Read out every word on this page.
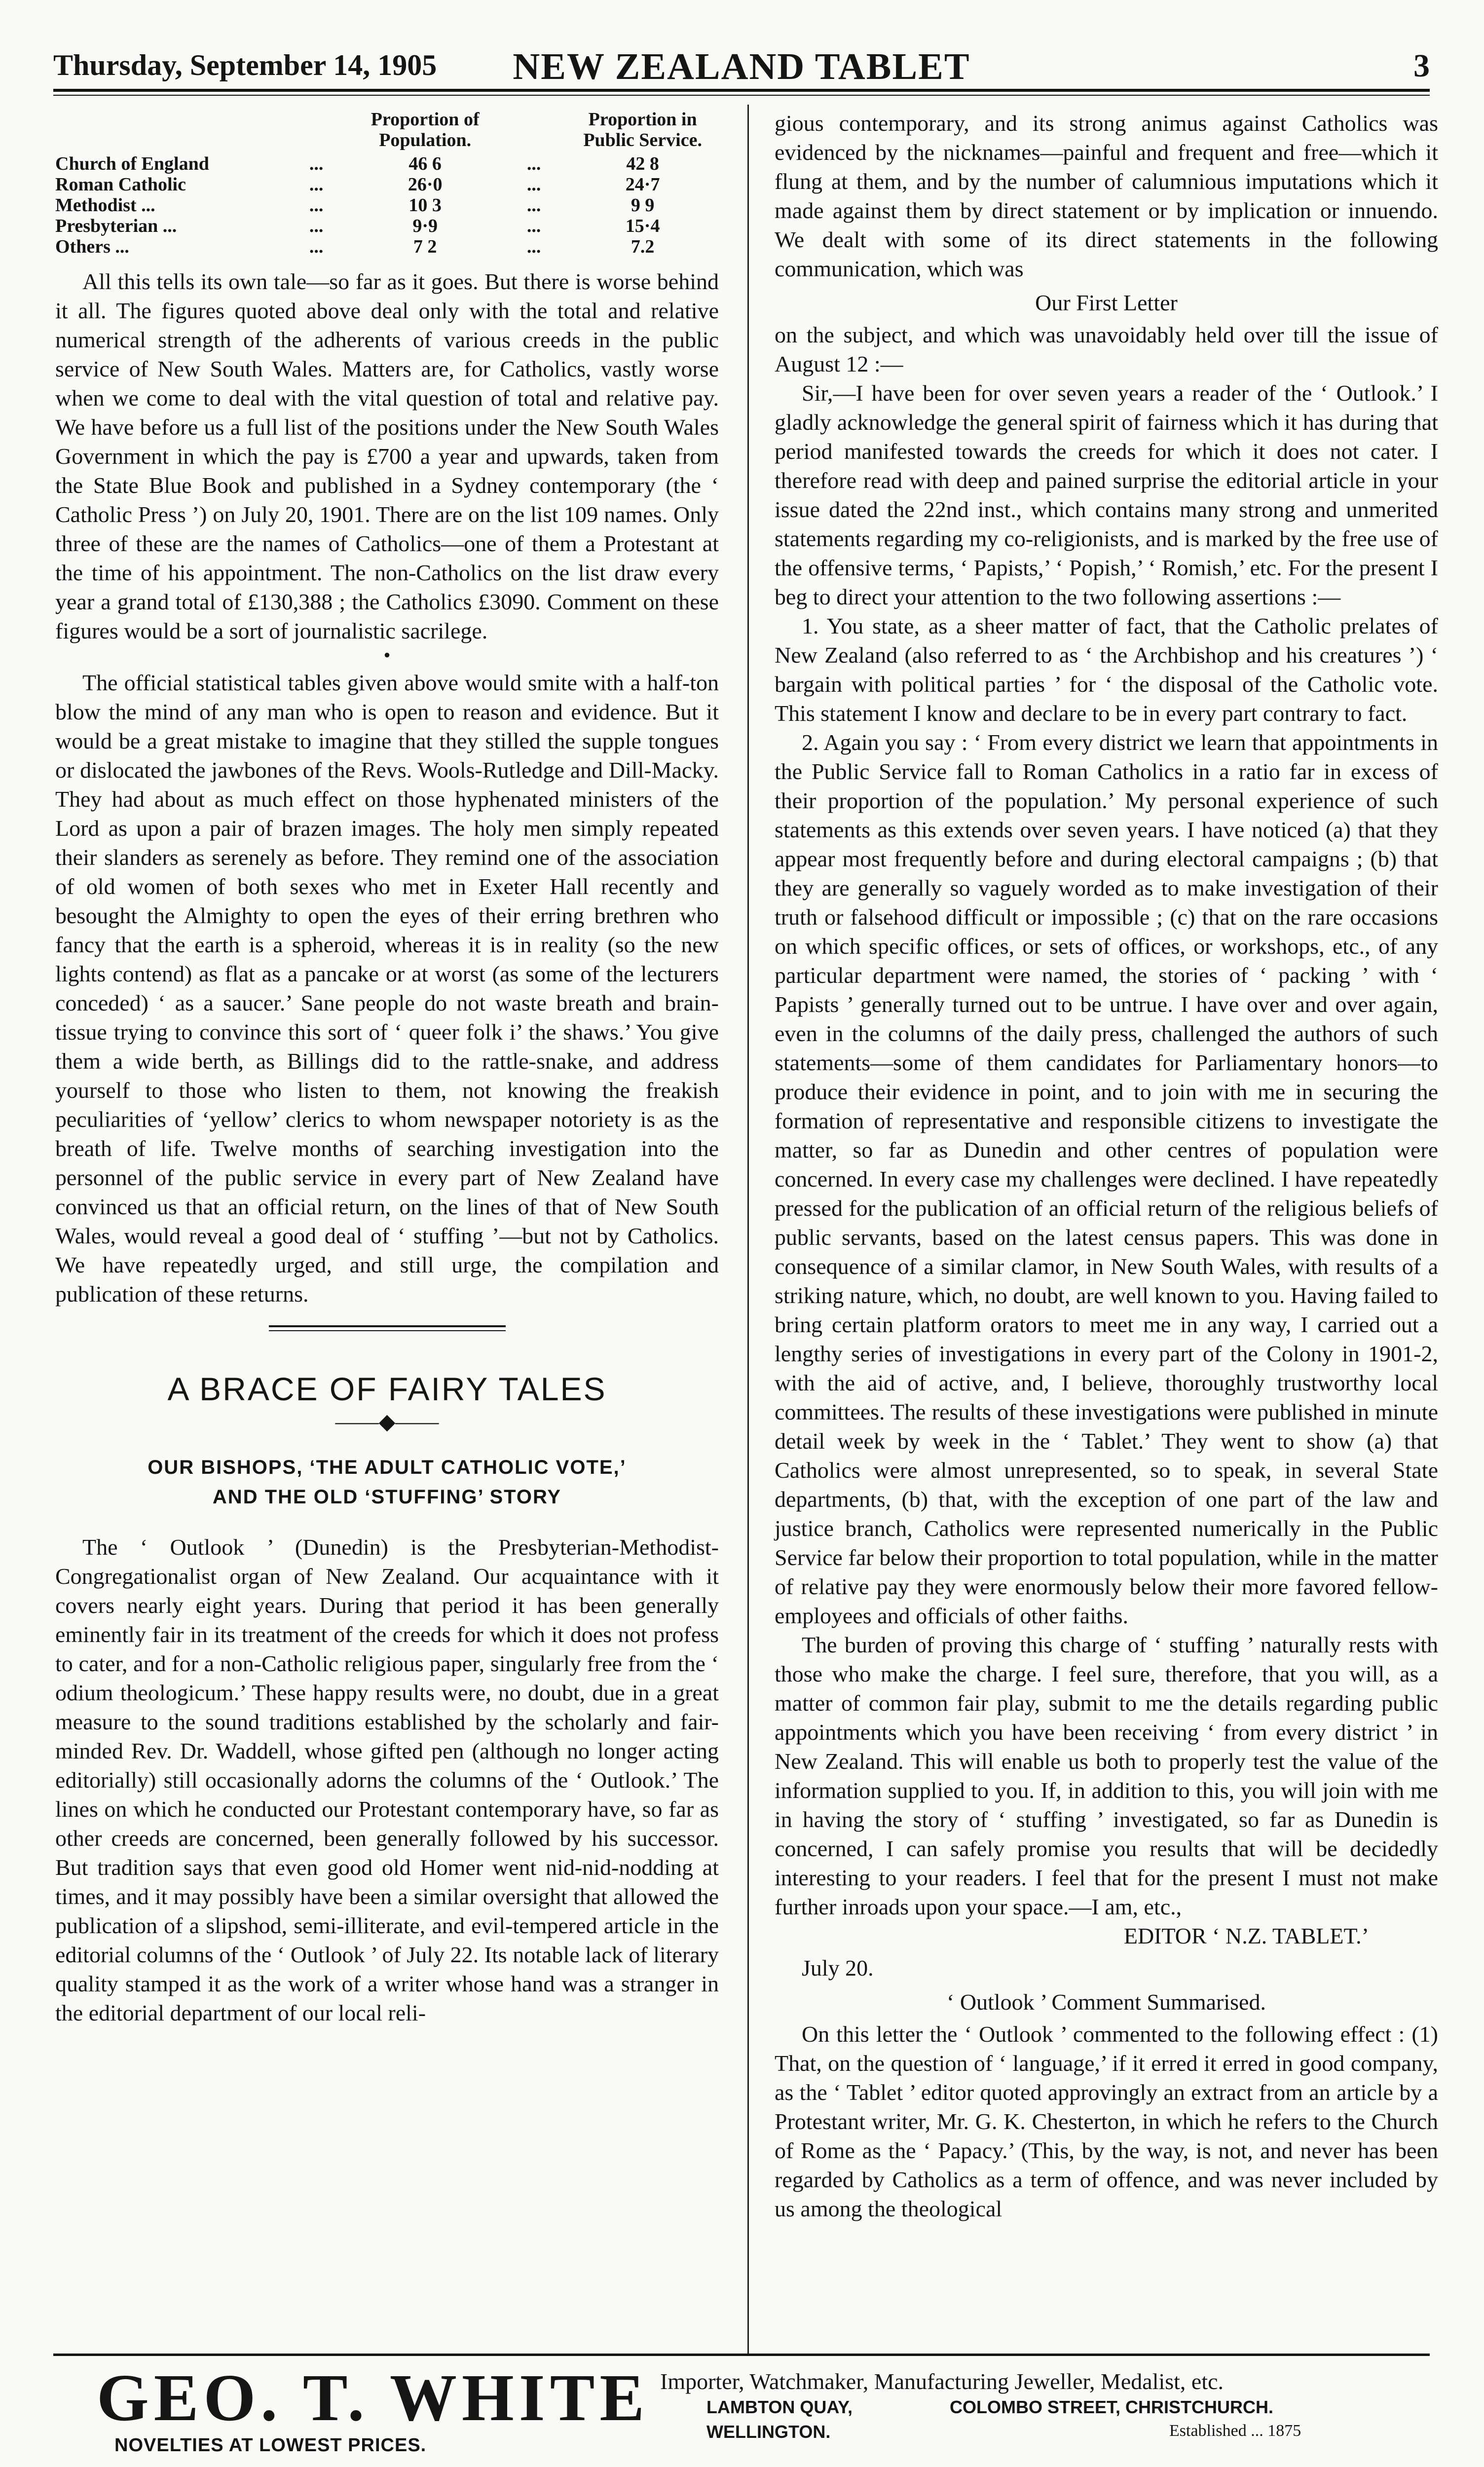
Thursday, September 14, 1905 NEW ZEALAND TABLET	3
		Proportion of Population.		Proportion in Public Service.
Church of England	...	46 6	...	42 8
Roman Catholic	...	26·0	...	24·7
Methodist ...	...	10 3	...	9 9
Presbyterian ...	...	9·9	...	15·4
Others ...	...	7 2	...	7.2

All this tells its own tale—so far as it goes. But there is worse behind it all. The figures quoted above deal only with the total and relative numerical strength of the adherents of various creeds in the public service of New South Wales. Matters are, for Catholics, vastly worse when we come to deal with the vital question of total and relative pay. We have before us a full list of the positions under the New South Wales Government in which the pay is £700 a year and upwards, taken from the State Blue Book and published in a Sydney contemporary (the ‘ Catholic Press ’) on July 20, 1901. There are on the list 109 names. Only three of these are the names of Catholics—one of them a Protestant at the time of his appointment. The non-Catholics on the list draw every year a grand total of £130,388 ; the Catholics £3090. Comment on these figures would be a sort of journalistic sacrilege.

•

The official statistical tables given above would smite with a half-ton blow the mind of any man who is open to reason and evidence. But it would be a great mistake to imagine that they stilled the supple tongues or dislocated the jawbones of the Revs. Wools-Rutledge and Dill-Macky. They had about as much effect on those hyphenated ministers of the Lord as upon a pair of brazen images. The holy men simply repeated their slanders as serenely as before. They remind one of the association of old women of both sexes who met in Exeter Hall recently and besought the Almighty to open the eyes of their erring brethren who fancy that the earth is a spheroid, whereas it is in reality (so the new lights contend) as flat as a pancake or at worst (as some of the lecturers conceded) ‘ as a saucer.’ Sane people do not waste breath and brain-tissue trying to convince this sort of ‘ queer folk i’ the shaws.’ You give them a wide berth, as Billings did to the rattle-snake, and address yourself to those who listen to them, not knowing the freakish peculiarities of ‘yellow’ clerics to whom newspaper notoriety is as the breath of life. Twelve months of searching investigation into the personnel of the public service in every part of New Zealand have convinced us that an official return, on the lines of that of New South Wales, would reveal a good deal of ‘ stuffing ’—but not by Catholics. We have repeatedly urged, and still urge, the compilation and publication of these returns.

A BRACE OF FAIRY TALES
——◆——
OUR BISHOPS, ‘THE ADULT CATHOLIC VOTE,’
AND THE OLD ‘STUFFING’ STORY

The ‘ Outlook ’ (Dunedin) is the Presbyterian-Methodist-Congregationalist organ of New Zealand. Our acquaintance with it covers nearly eight years. During that period it has been generally eminently fair in its treatment of the creeds for which it does not profess to cater, and for a non-Catholic religious paper, singularly free from the ‘ odium theologicum.’ These happy results were, no doubt, due in a great measure to the sound traditions established by the scholarly and fair-minded Rev. Dr. Waddell, whose gifted pen (although no longer acting editorially) still occasionally adorns the columns of the ‘ Outlook.’ The lines on which he conducted our Protestant contemporary have, so far as other creeds are concerned, been generally followed by his successor. But tradition says that even good old Homer went nid-nid-nodding at times, and it may possibly have been a similar oversight that allowed the publication of a slipshod, semi-illiterate, and evil-tempered article in the editorial columns of the ‘ Outlook ’ of July 22. Its notable lack of literary quality stamped it as the work of a writer whose hand was a stranger in the editorial department of our local reli-

gious contemporary, and its strong animus against Catholics was evidenced by the nicknames—painful and frequent and free—which it flung at them, and by the number of calumnious imputations which it made against them by direct statement or by implication or innuendo. We dealt with some of its direct statements in the following communication, which was

Our First Letter

on the subject, and which was unavoidably held over till the issue of August 12 :—

Sir,—I have been for over seven years a reader of the ‘ Outlook.’ I gladly acknowledge the general spirit of fairness which it has during that period manifested towards the creeds for which it does not cater. I therefore read with deep and pained surprise the editorial article in your issue dated the 22nd inst., which contains many strong and unmerited statements regarding my co-religionists, and is marked by the free use of the offensive terms, ‘ Papists,’ ‘ Popish,’ ‘ Romish,’ etc. For the present I beg to direct your attention to the two following assertions :—

1. You state, as a sheer matter of fact, that the Catholic prelates of New Zealand (also referred to as ‘ the Archbishop and his creatures ’) ‘ bargain with political parties ’ for ‘ the disposal of the Catholic vote. This statement I know and declare to be in every part contrary to fact.

2. Again you say : ‘ From every district we learn that appointments in the Public Service fall to Roman Catholics in a ratio far in excess of their proportion of the population.’ My personal experience of such statements as this extends over seven years. I have noticed (a) that they appear most frequently before and during electoral campaigns ; (b) that they are generally so vaguely worded as to make investigation of their truth or falsehood difficult or impossible ; (c) that on the rare occasions on which specific offices, or sets of offices, or workshops, etc., of any particular department were named, the stories of ‘ packing ’ with ‘ Papists ’ generally turned out to be untrue. I have over and over again, even in the columns of the daily press, challenged the authors of such statements—some of them candidates for Parliamentary honors—to produce their evidence in point, and to join with me in securing the formation of representative and responsible citizens to investigate the matter, so far as Dunedin and other centres of population were concerned. In every case my challenges were declined. I have repeatedly pressed for the publication of an official return of the religious beliefs of public servants, based on the latest census papers. This was done in consequence of a similar clamor, in New South Wales, with results of a striking nature, which, no doubt, are well known to you. Having failed to bring certain platform orators to meet me in any way, I carried out a lengthy series of investigations in every part of the Colony in 1901-2, with the aid of active, and, I believe, thoroughly trustworthy local committees. The results of these investigations were published in minute detail week by week in the ‘ Tablet.’ They went to show (a) that Catholics were almost unrepresented, so to speak, in several State departments, (b) that, with the exception of one part of the law and justice branch, Catholics were represented numerically in the Public Service far below their proportion to total population, while in the matter of relative pay they were enormously below their more favored fellow-employees and officials of other faiths.

The burden of proving this charge of ‘ stuffing ’ naturally rests with those who make the charge. I feel sure, therefore, that you will, as a matter of common fair play, submit to me the details regarding public appointments which you have been receiving ‘ from every district ’ in New Zealand. This will enable us both to properly test the value of the information supplied to you. If, in addition to this, you will join with me in having the story of ‘ stuffing ’ investigated, so far as Dunedin is concerned, I can safely promise you results that will be decidedly interesting to your readers. I feel that for the present I must not make further inroads upon your space.—I am, etc.,

EDITOR ‘ N.Z. TABLET.’
July 20.
‘ Outlook ’ Comment Summarised.

On this letter the ‘ Outlook ’ commented to the following effect : (1) That, on the question of ‘ language,’ if it erred it erred in good company, as the ‘ Tablet ’ editor quoted approvingly an extract from an article by a Protestant writer, Mr. G. K. Chesterton, in which he refers to the Church of Rome as the ‘ Papacy.’ (This, by the way, is not, and never has been regarded by Catholics as a term of offence, and was never included by us among the theological

GEO. T. WHITE
NOVELTIES AT LOWEST PRICES.
Importer, Watchmaker, Manufacturing Jeweller, Medalist, etc.
LAMBTON QUAY,	COLOMBO STREET, CHRISTCHURCH.
WELLINGTON.	Established ... 1875
